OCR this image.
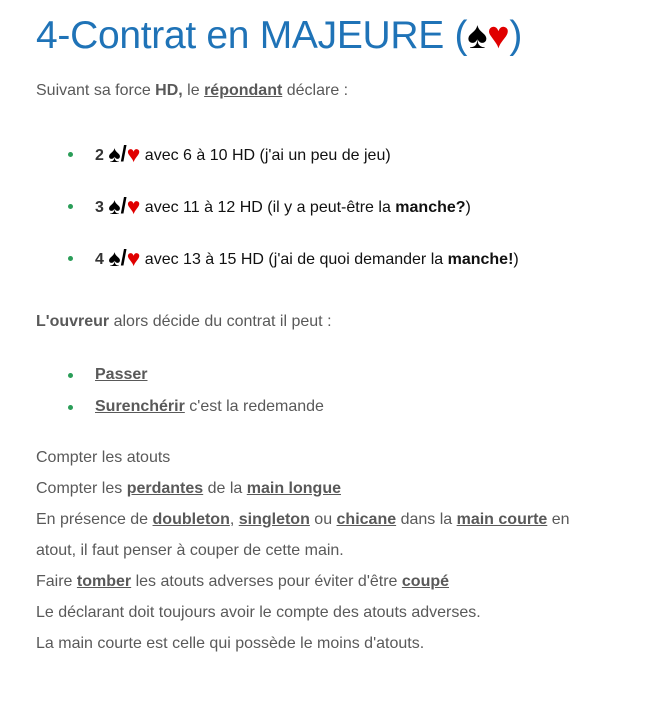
4-Contrat en MAJEURE (♠♥)
Suivant sa force HD, le répondant déclare :
2 ♠/♥ avec 6 à 10 HD (j'ai un peu de jeu)
3 ♠/♥ avec 11 à 12 HD (il y a peut-être la manche?)
4 ♠/♥ avec 13 à 15 HD (j'ai de quoi demander la manche!)
L'ouvreur alors décide du contrat il peut :
Passer
Surenchérir c'est la redemande
Compter les atouts
Compter les perdantes de la main longue
En présence de doubleton, singleton ou chicane dans la main courte en
atout, il faut penser à couper de cette main.
Faire tomber les atouts adverses pour éviter d'être coupé
Le déclarant doit toujours avoir le compte des atouts adverses.
La main courte est celle qui possède le moins d'atouts.
